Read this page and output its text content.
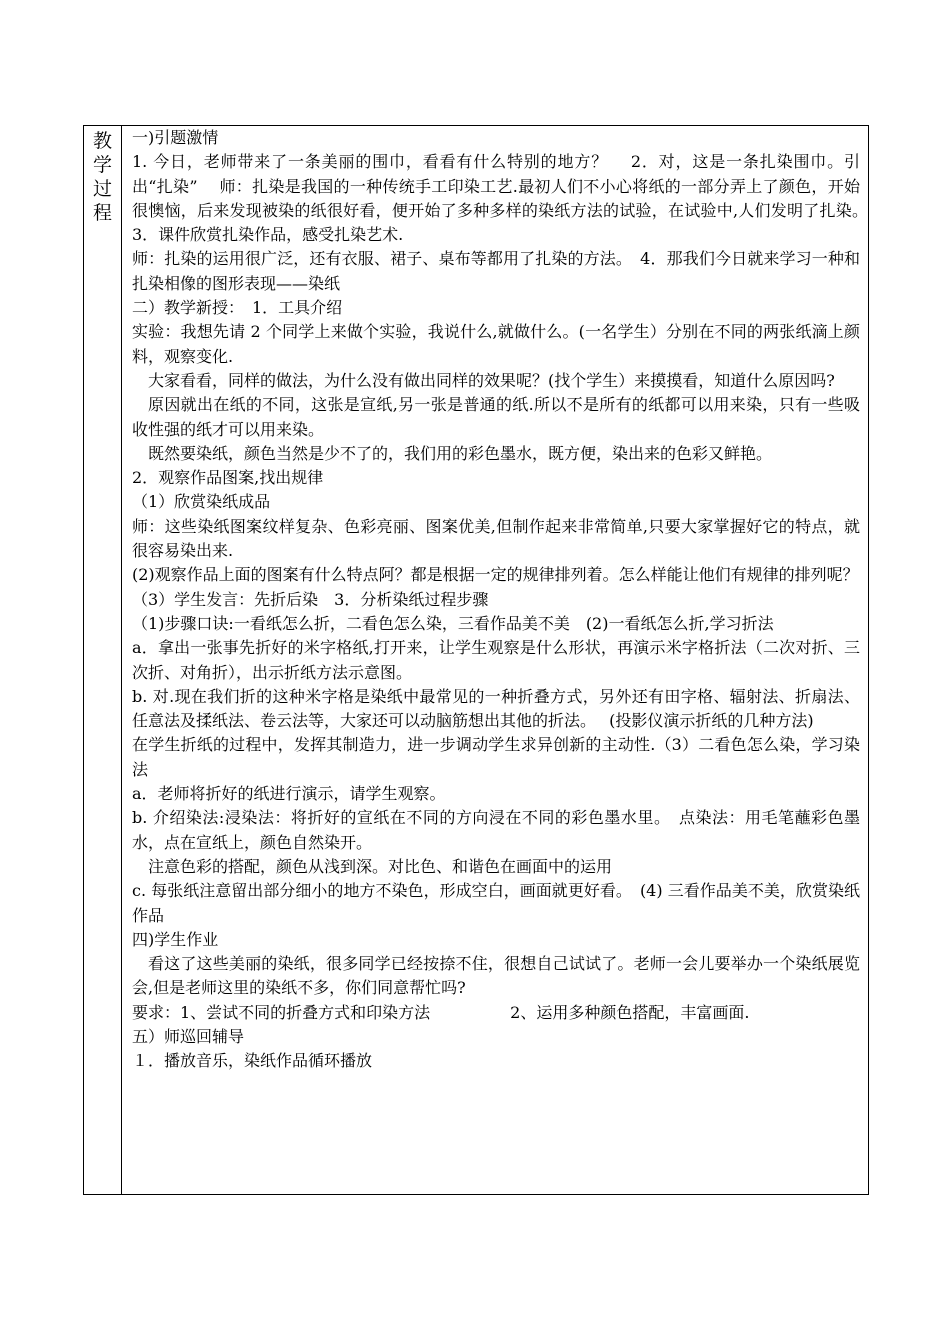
教
学
过
程

一)引题激情

1. 今日，老师带来了一条美丽的围巾，看看有什么特别的地方？　 2．对，这是一条扎染围巾。引出“扎染”　 师：扎染是我国的一种传统手工印染工艺.最初人们不小心将纸的一部分弄上了颜色，开始很懊恼，后来发现被染的纸很好看，便开始了多种多样的染纸方法的试验，在试验中,人们发明了扎染。　 3．课件欣赏扎染作品，感受扎染艺术.

师：扎染的运用很广泛，还有衣服、裙子、桌布等都用了扎染的方法。　4．那我们今日就来学习一种和扎染相像的图形表现——染纸

二）教学新授：　1．工具介绍

实验：我想先请 2 个同学上来做个实验，我说什么,就做什么。(一名学生）分别在不同的两张纸滴上颜料，观察变化.

大家看看，同样的做法，为什么没有做出同样的效果呢？(找个学生）来摸摸看，知道什么原因吗?

原因就出在纸的不同，这张是宣纸,另一张是普通的纸.所以不是所有的纸都可以用来染，只有一些吸收性强的纸才可以用来染。

既然要染纸，颜色当然是少不了的，我们用的彩色墨水，既方便，染出来的色彩又鲜艳。

2．观察作品图案,找出规律

（1）欣赏染纸成品

师：这些染纸图案纹样复杂、色彩亮丽、图案优美,但制作起来非常简单,只要大家掌握好它的特点，就很容易染出来.

(2)观察作品上面的图案有什么特点阿？都是根据一定的规律排列着。怎么样能让他们有规律的排列呢？

（3）学生发言：先折后染　3．分析染纸过程步骤

（1)步骤口诀:一看纸怎么折，二看色怎么染，三看作品美不美　(2)一看纸怎么折,学习折法

a．拿出一张事先折好的米字格纸,打开来，让学生观察是什么形状，再演示米字格折法（二次对折、三次折、对角折），出示折纸方法示意图。

b. 对.现在我们折的这种米字格是染纸中最常见的一种折叠方式，另外还有田字格、辐射法、折扇法、任意法及揉纸法、卷云法等，大家还可以动脑筋想出其他的折法。　 (投影仪演示折纸的几种方法)

在学生折纸的过程中，发挥其制造力，进一步调动学生求异创新的主动性.（3）二看色怎么染，学习染法

a．老师将折好的纸进行演示，请学生观察。

b. 介绍染法:浸染法：将折好的宣纸在不同的方向浸在不同的彩色墨水里。　点染法：用毛笔蘸彩色墨水，点在宣纸上，颜色自然染开。

注意色彩的搭配，颜色从浅到深。对比色、和谐色在画面中的运用

c. 每张纸注意留出部分细小的地方不染色，形成空白，画面就更好看。　(4) 三看作品美不美，欣赏染纸作品

四)学生作业

看这了这些美丽的染纸，很多同学已经按捺不住，很想自己试试了。老师一会儿要举办一个染纸展览会,但是老师这里的染纸不多，你们同意帮忙吗?

要求：1、尝试不同的折叠方式和印染方法　　　　　2、运用多种颜色搭配，丰富画面.

五）师巡回辅导

１．播放音乐，染纸作品循环播放
